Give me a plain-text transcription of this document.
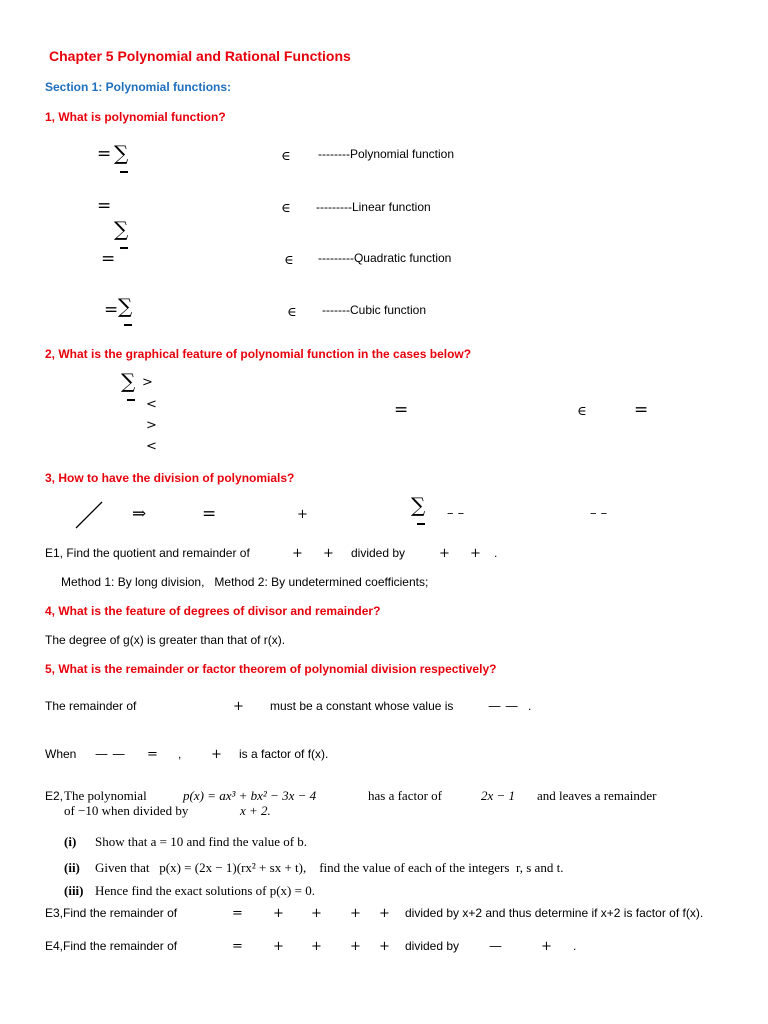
Chapter 5 Polynomial and Rational Functions
Section 1: Polynomial functions:
1, What is polynomial function?
= ∑	∈ --------Polynomial function
=
∑
∈ ---------Linear function
=
∑
∈ ---------Quadratic function
=
∑
∈ -------Cubic function
2, What is the graphical feature of polynomial function in the cases below?
>
<
>
<
=
∑
∈	=
3, How to have the division of polynomials?
⇒	=	+	– –	– –
E1, Find the quotient and remainder of	+ + divided by	+ + .
Method 1: By long division,   Method 2: By undetermined coefficients;
4, What is the feature of degrees of divisor and remainder?
The degree of g(x) is greater than that of r(x).
5, What is the remainder or factor theorem of polynomial division respectively?
The remainder of	+ must be a constant whose value is	— — .
When — — = , + is a factor of f(x).
E2, The polynomial	p(x) = ax³ + bx² − 3x − 4	has a factor of	2x − 1 and leaves a remainder
of −10 when divided by	x + 2.
(i) Show that a = 10 and find the value of b.
(ii) Given that   p(x) = (2x − 1)(rx² + sx + t),    find the value of each of the integers  r, s and t.
(iii) Hence find the exact solutions of p(x) = 0.
E3,Find the remainder of	= + + + + divided by x+2 and thus determine if x+2 is factor of f(x).
E4,Find the remainder of	= + + + + divided by —	+ .
